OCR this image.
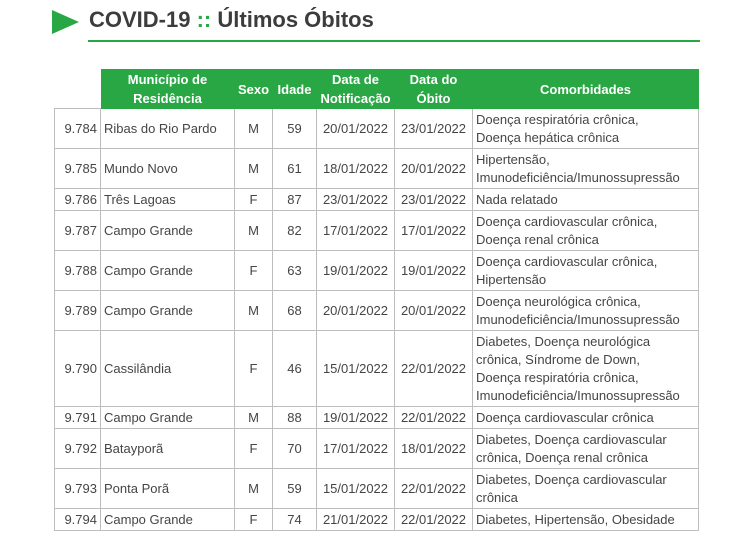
COVID-19 :: Últimos Óbitos
	Município de Residência	Sexo	Idade	Data de Notificação	Data do Óbito	Comorbidades
9.784	Ribas do Rio Pardo	M	59	20/01/2022	23/01/2022	Doença respiratória crônica,
Doença hepática crônica

9.785	Mundo Novo	M	61	18/01/2022	20/01/2022	Hipertensão,
Imunodeficiência/Imunossupressão

9.786	Três Lagoas	F	87	23/01/2022	23/01/2022	Nada relatado

9.787	Campo Grande	M	82	17/01/2022	17/01/2022	Doença cardiovascular crônica,
Doença renal crônica

9.788	Campo Grande	F	63	19/01/2022	19/01/2022	Doença cardiovascular crônica,
Hipertensão

9.789	Campo Grande	M	68	20/01/2022	20/01/2022	Doença neurológica crônica,
Imunodeficiência/Imunossupressão

9.790	Cassilândia	F	46	15/01/2022	22/01/2022	Diabetes, Doença neurológica
crônica, Síndrome de Down,
Doença respiratória crônica,
Imunodeficiência/Imunossupressão

9.791	Campo Grande	M	88	19/01/2022	22/01/2022	Doença cardiovascular crônica

9.792	Batayporã	F	70	17/01/2022	18/01/2022	Diabetes, Doença cardiovascular
crônica, Doença renal crônica

9.793	Ponta Porã	M	59	15/01/2022	22/01/2022	Diabetes, Doença cardiovascular
crônica

9.794	Campo Grande	F	74	21/01/2022	22/01/2022	Diabetes, Hipertensão, Obesidade
